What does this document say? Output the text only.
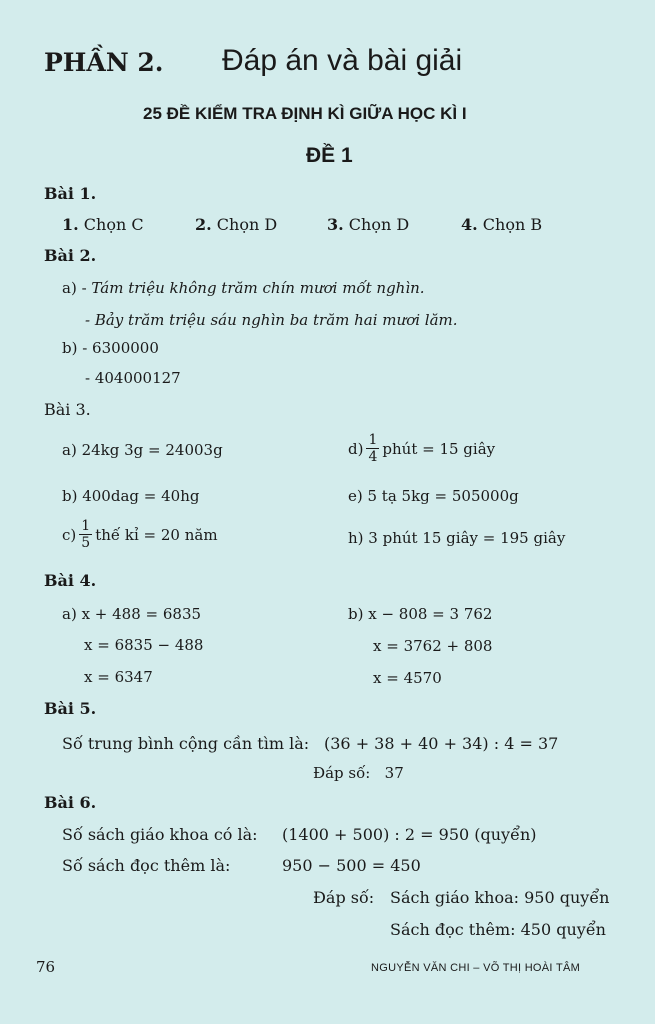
PHẦN 2. Đáp án và bài giải
25 ĐỀ KIỂM TRA ĐỊNH KÌ GIỮA HỌC KÌ I
ĐỀ 1
Bài 1.
1. Chọn C	2. Chọn D	3. Chọn D	4. Chọn B
Bài 2.
a) - Tám triệu không trăm chín mươi mốt nghìn.
- Bảy trăm triệu sáu nghìn ba trăm hai mươi lăm.
b) - 6300000
- 404000127
Bài 3.
a) 24kg 3g = 24003g	$d) \frac{1}{4}$ phút = 15 giây
b) 400dag = 40hg	e) 5 tạ 5kg = 505000g
$c) \frac{1}{5}$ thế kỉ = 20 năm	h) 3 phút 15 giây = 195 giây
Bài 4.
a) x + 488 = 6835
x = 6835 − 488
x = 6347
b) x − 808 = 3 762
x = 3762 + 808
x = 4570
Bài 5.
Số trung bình cộng cần tìm là: (36 + 38 + 40 + 34) : 4 = 37
Đáp số: 37
Bài 6.
Số sách giáo khoa có là: (1400 + 500) : 2 = 950 (quyển)
Số sách đọc thêm là:	950 − 500 = 450
Đáp số: Sách giáo khoa: 950 quyển
Sách đọc thêm: 450 quyển
76	NGUYỄN VĂN CHI – VÕ THỊ HOÀI TÂM
